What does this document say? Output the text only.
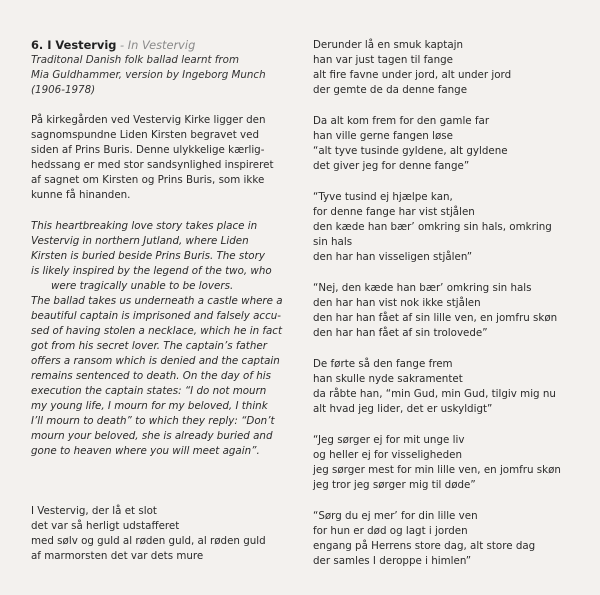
6. I Vestervig - In Vestervig

Traditonal Danish folk ballad learnt from
Mia Guldhammer, version by Ingeborg Munch
(1906-1978)

På kirkegården ved Vestervig Kirke ligger den
sagnomspundne Liden Kirsten begravet ved
siden af Prins Buris. Denne ulykkelige kærlig-
hedssang er med stor sandsynlighed inspireret
af sagnet om Kirsten og Prins Buris, som ikke
kunne få hinanden.

This heartbreaking love story takes place in
Vestervig in northern Jutland, where Liden
Kirsten is buried beside Prins Buris. The story
is likely inspired by the legend of the two, who
were tragically unable to be lovers.
The ballad takes us underneath a castle where a
beautiful captain is imprisoned and falsely accu-
sed of having stolen a necklace, which he in fact
got from his secret lover. The captain’s father
offers a ransom which is denied and the captain
remains sentenced to death. On the day of his
execution the captain states: “I do not mourn
my young life, I mourn for my beloved, I think
I’ll mourn to death” to which they reply: “Don’t
mourn your beloved, she is already buried and
gone to heaven where you will meet again”.

I Vestervig, der lå et slot
det var så herligt udstafferet
med sølv og guld al røden guld, al røden guld
af marmorsten det var dets mure

Derunder lå en smuk kaptajn
han var just tagen til fange
alt fire favne under jord, alt under jord
der gemte de da denne fange

Da alt kom frem for den gamle far
han ville gerne fangen løse
“alt tyve tusinde gyldene, alt gyldene
det giver jeg for denne fange”

“Tyve tusind ej hjælpe kan,
for denne fange har vist stjålen
den kæde han bær’ omkring sin hals, omkring
sin hals
den har han visseligen stjålen”

“Nej, den kæde han bær’ omkring sin hals
den har han vist nok ikke stjålen
den har han fået af sin lille ven, en jomfru skøn
den har han fået af sin trolovede”

De førte så den fange frem
han skulle nyde sakramentet
da råbte han, “min Gud, min Gud, tilgiv mig nu
alt hvad jeg lider, det er uskyldigt”

“Jeg sørger ej for mit unge liv
og heller ej for visseligheden
jeg sørger mest for min lille ven, en jomfru skøn
jeg tror jeg sørger mig til døde”

“Sørg du ej mer’ for din lille ven
for hun er død og lagt i jorden
engang på Herrens store dag, alt store dag
der samles I deroppe i himlen”
